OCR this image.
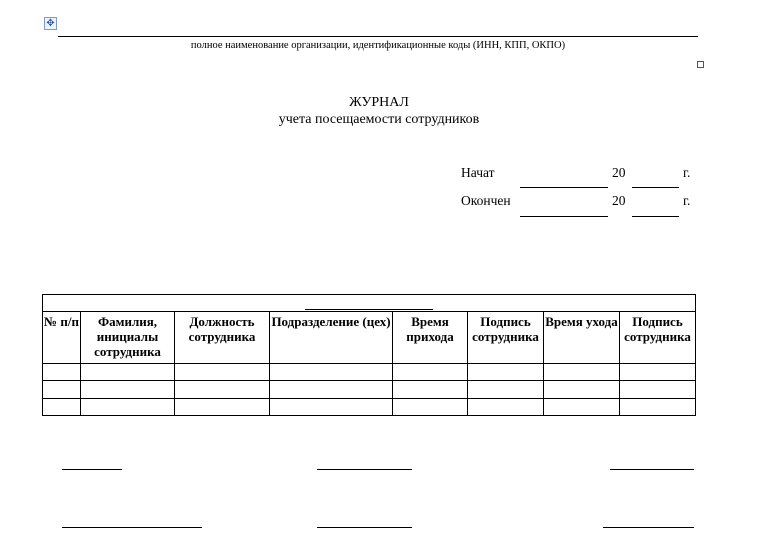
✥
полное наименование организации, идентификационные коды (ИНН, КПП, ОКПО)
ЖУРНАЛ
учета посещаемости сотрудников
Начат	20	г.
Окончен	20	г.

№ п/п	Фамилия, инициалы сотрудника	Должность сотрудника	Подразделение (цех)	Время прихода	Подпись сотрудника	Время ухода	Подпись сотрудника
